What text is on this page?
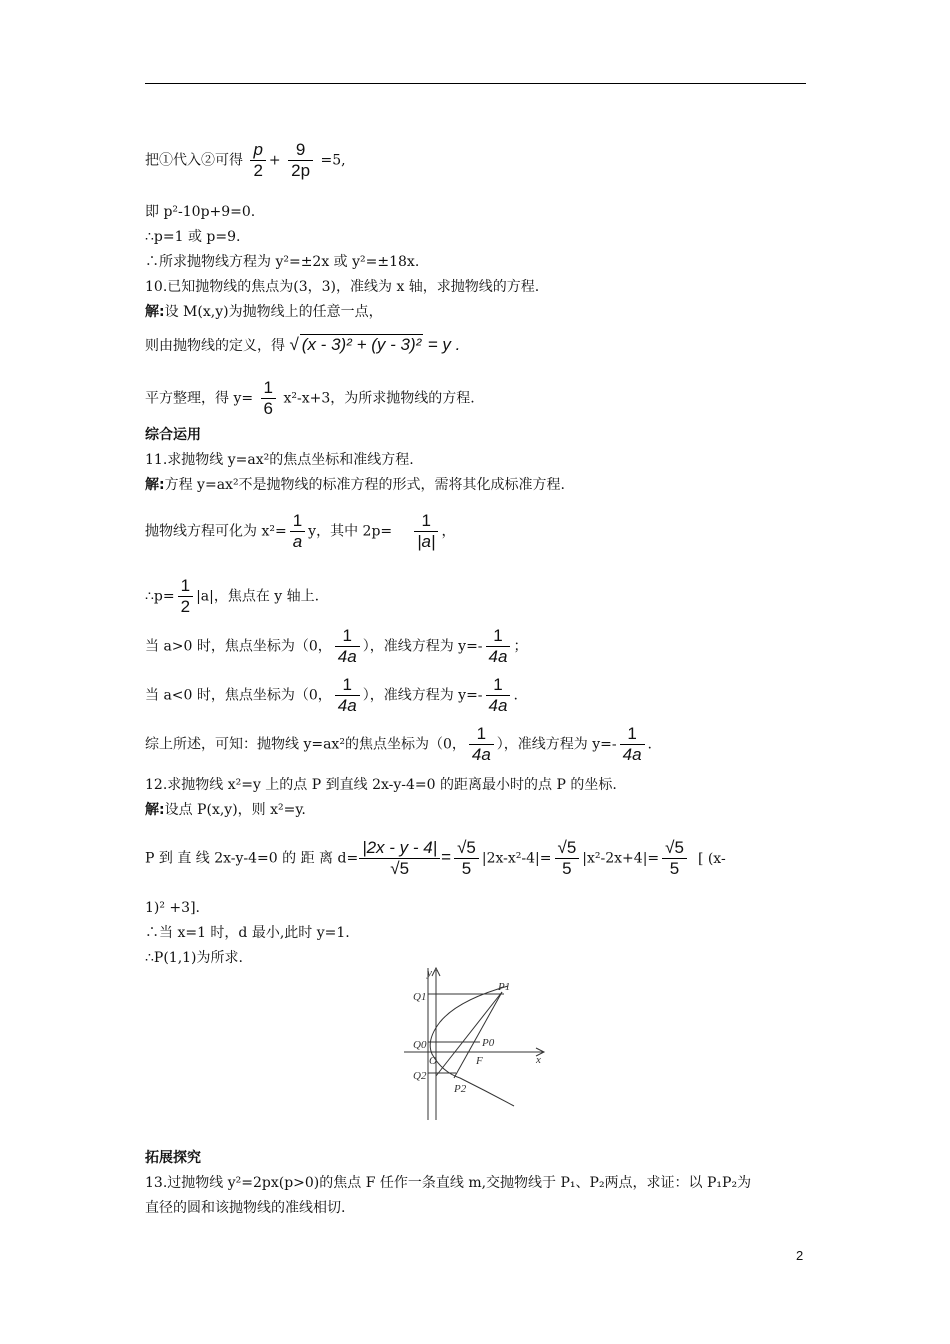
把①代入②可得 $\frac{p}{2} + \frac{9}{2p} =5$,
即 p²-10p+9=0.
∴p=1 或 p=9.
∴所求抛物线方程为 y²=±2x 或 y²=±18x.
10.已知抛物线的焦点为(3，3)，准线为 x 轴，求抛物线的方程.
解:设 M(x,y)为抛物线上的任意一点，
则由抛物线的定义，得 √ (x - 3)² + (y - 3)² = y .
平方整理，得 $y= \frac{1}{6} x^2-x+3$，为所求抛物线的方程.
综合运用
11.求抛物线 y=ax²的焦点坐标和准线方程.
解:方程 y=ax²不是抛物线的标准方程的形式，需将其化成标准方程.
抛物线方程可化为 $x^2= \frac{1}{a}$ y，其中 $2p= \frac{1}{|a|}$ ，
∴p= $\frac{1}{2} |a|$，焦点在 y 轴上.
当 a>0 时，焦点坐标为（0， $\frac{1}{4a}$ ），准线方程为 $y=- \frac{1}{4a}$ ；
当 a<0 时，焦点坐标为（0， $\frac{1}{4a}$ ），准线方程为 $y=- \frac{1}{4a}$ .
综上所述，可知：抛物线 y=ax²的焦点坐标为（0， $\frac{1}{4a}$ ），准线方程为 $y=- \frac{1}{4a}$ .
12.求抛物线 x²=y 上的点 P 到直线 2x-y-4=0 的距离最小时的点 P 的坐标.
解:设点 P(x,y)，则 x²=y.
P 到 直 线 2x-y-4=0 的 距 离 $d= \frac{|2x - y - 4|}{√5} = \frac{√5}{5} |2x-x^2-4|= \frac{√5}{5} |x^2-2x+4|= \frac{√5}{5}$ [ (x-
1)² +3].
∴当 x=1 时，d 最小,此时 y=1.
∴P(1,1)为所求.
y
x
O
Q1
Q0
Q2
P1
P0
P2
F
拓展探究
13.过抛物线 y²=2px(p>0)的焦点 F 任作一条直线 m,交抛物线于 P₁、P₂两点，求证：以 P₁P₂为
直径的圆和该抛物线的准线相切.
2
